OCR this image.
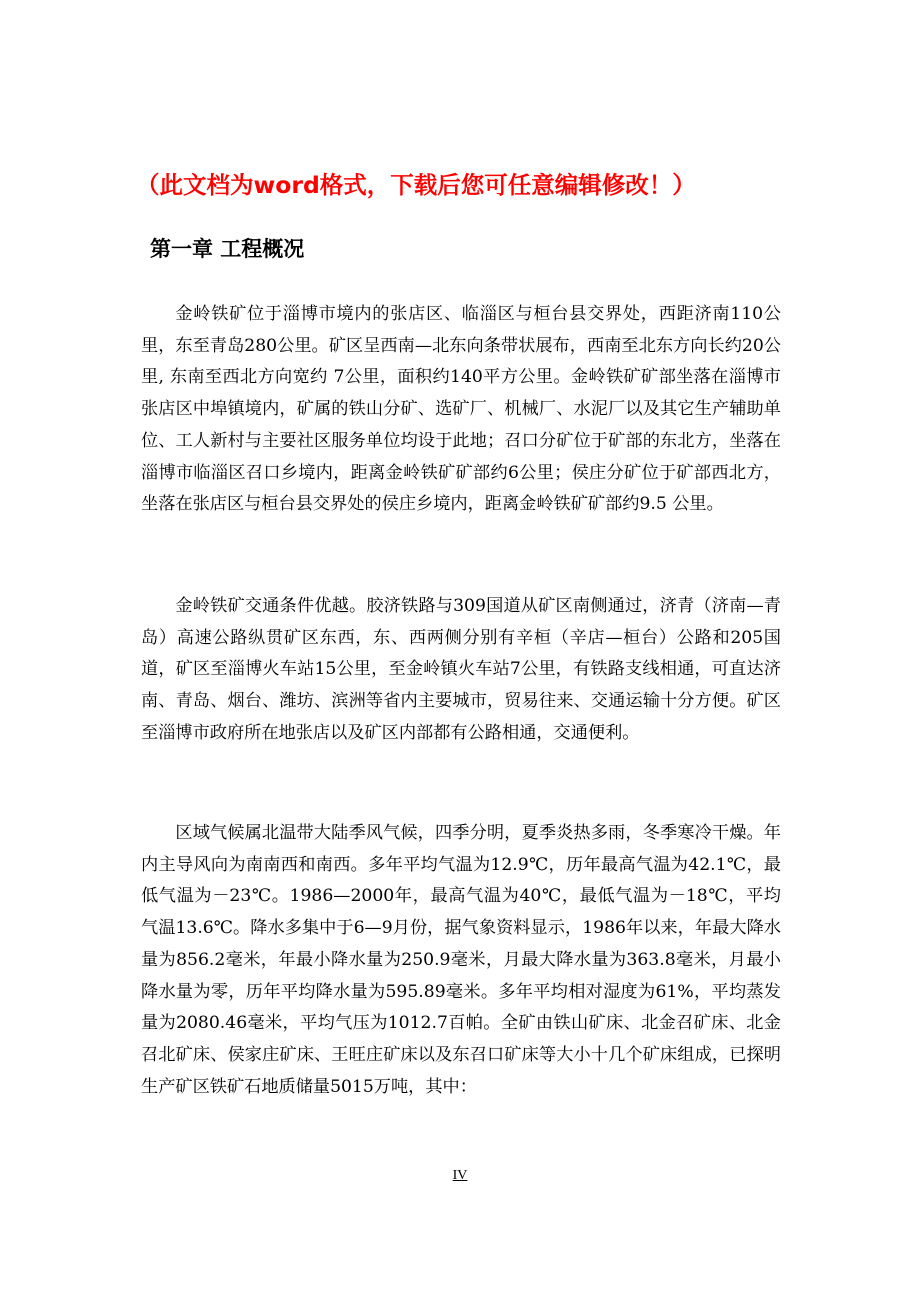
（此文档为word格式，下载后您可任意编辑修改！）
第一章 工程概况

金岭铁矿位于淄博市境内的张店区、临淄区与桓台县交界处，西距济南110公里，东至青岛280公里。矿区呈西南—北东向条带状展布，西南至北东方向长约20公里, 东南至西北方向宽约 7公里，面积约140平方公里。金岭铁矿矿部坐落在淄博市张店区中埠镇境内，矿属的铁山分矿、选矿厂、机械厂、水泥厂以及其它生产辅助单位、工人新村与主要社区服务单位均设于此地；召口分矿位于矿部的东北方，坐落在淄博市临淄区召口乡境内，距离金岭铁矿矿部约6公里；侯庄分矿位于矿部西北方，坐落在张店区与桓台县交界处的侯庄乡境内，距离金岭铁矿矿部约9.5 公里。

金岭铁矿交通条件优越。胶济铁路与309国道从矿区南侧通过，济青（济南—青岛）高速公路纵贯矿区东西，东、西两侧分别有辛桓（辛店—桓台）公路和205国道，矿区至淄博火车站15公里，至金岭镇火车站7公里，有铁路支线相通，可直达济南、青岛、烟台、潍坊、滨洲等省内主要城市，贸易往来、交通运输十分方便。矿区至淄博市政府所在地张店以及矿区内部都有公路相通，交通便利。

区域气候属北温带大陆季风气候，四季分明，夏季炎热多雨，冬季寒冷干燥。年内主导风向为南南西和南西。多年平均气温为12.9℃，历年最高气温为42.1℃，最低气温为－23℃。1986—2000年，最高气温为40℃，最低气温为－18℃，平均气温13.6℃。降水多集中于6—9月份，据气象资料显示，1986年以来，年最大降水量为856.2毫米，年最小降水量为250.9毫米，月最大降水量为363.8毫米，月最小降水量为零，历年平均降水量为595.89毫米。多年平均相对湿度为61%，平均蒸发量为2080.46毫米，平均气压为1012.7百帕。全矿由铁山矿床、北金召矿床、北金召北矿床、侯家庄矿床、王旺庄矿床以及东召口矿床等大小十几个矿床组成，已探明生产矿区铁矿石地质储量5015万吨，其中：

IV
